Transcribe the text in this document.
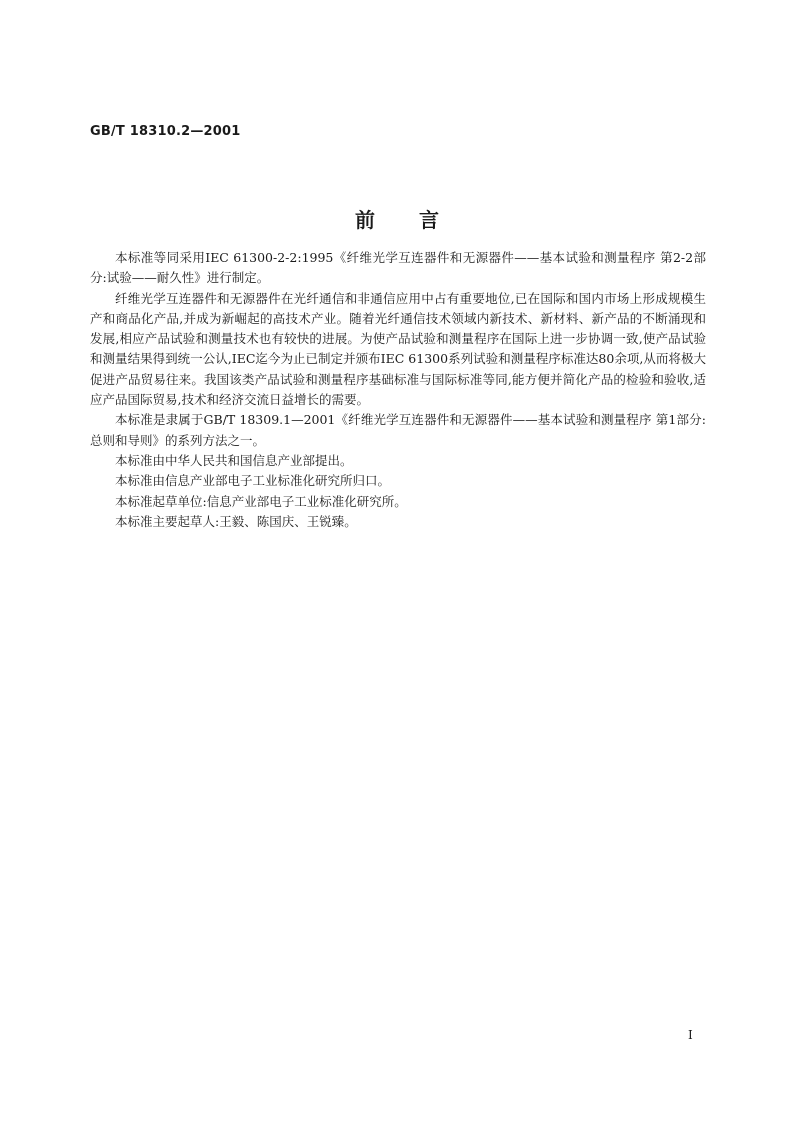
GB/T 18310.2—2001
前言

本标准等同采用IEC 61300-2-2:1995《纤维光学互连器件和无源器件——基本试验和测量程序 第2-2部分:试验——耐久性》进行制定。

纤维光学互连器件和无源器件在光纤通信和非通信应用中占有重要地位,已在国际和国内市场上形成规模生产和商品化产品,并成为新崛起的高技术产业。随着光纤通信技术领域内新技术、新材料、新产品的不断涌现和发展,相应产品试验和测量技术也有较快的进展。为使产品试验和测量程序在国际上进一步协调一致,使产品试验和测量结果得到统一公认,IEC迄今为止已制定并颁布IEC 61300系列试验和测量程序标准达80余项,从而将极大促进产品贸易往来。我国该类产品试验和测量程序基础标准与国际标准等同,能方便并简化产品的检验和验收,适应产品国际贸易,技术和经济交流日益增长的需要。

本标准是隶属于GB/T 18309.1—2001《纤维光学互连器件和无源器件——基本试验和测量程序 第1部分:总则和导则》的系列方法之一。

本标准由中华人民共和国信息产业部提出。

本标准由信息产业部电子工业标准化研究所归口。

本标准起草单位:信息产业部电子工业标准化研究所。

本标准主要起草人:王毅、陈国庆、王锐臻。

I
